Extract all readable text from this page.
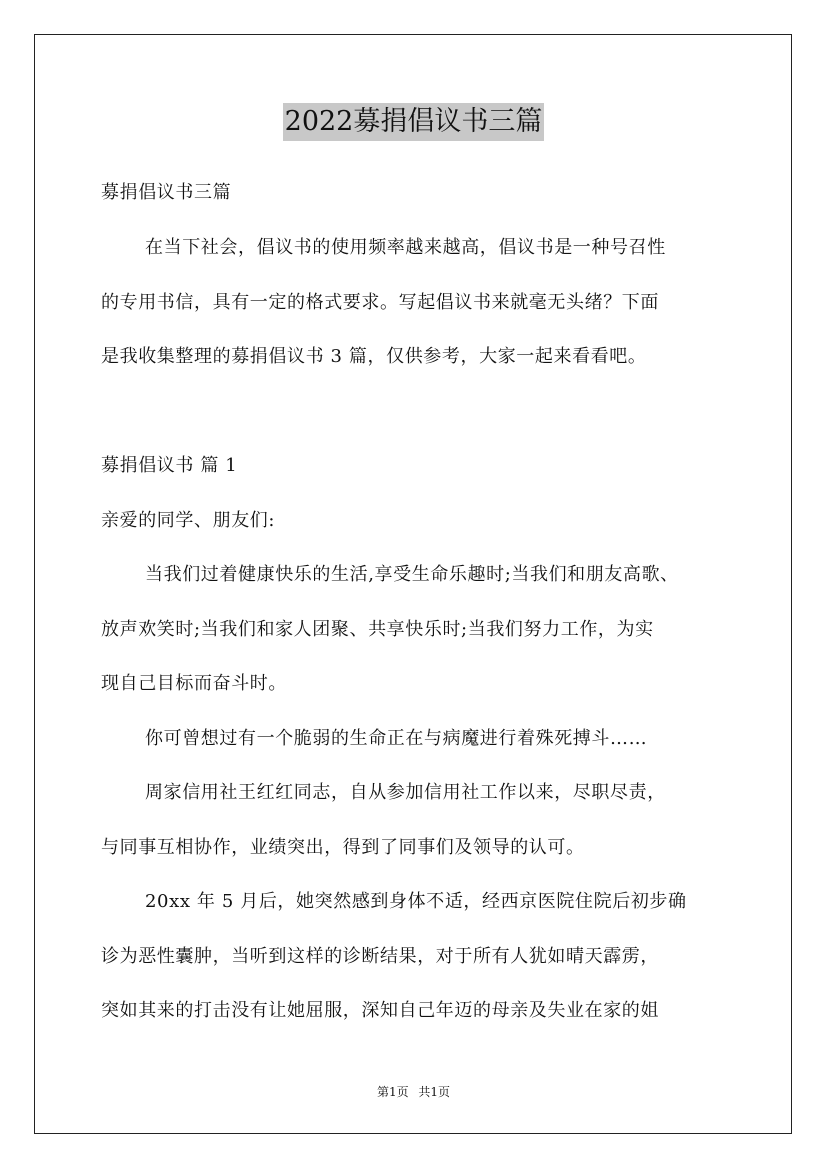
2022募捐倡议书三篇
募捐倡议书三篇
在当下社会，倡议书的使用频率越来越高，倡议书是一种号召性
的专用书信，具有一定的格式要求。写起倡议书来就毫无头绪？下面
是我收集整理的募捐倡议书 3 篇，仅供参考，大家一起来看看吧。
募捐倡议书 篇 1
亲爱的同学、朋友们:
当我们过着健康快乐的生活,享受生命乐趣时;当我们和朋友高歌、
放声欢笑时;当我们和家人团聚、共享快乐时;当我们努力工作，为实
现自己目标而奋斗时。
你可曾想过有一个脆弱的生命正在与病魔进行着殊死搏斗……
周家信用社王红红同志，自从参加信用社工作以来，尽职尽责，
与同事互相协作，业绩突出，得到了同事们及领导的认可。
20xx 年 5 月后，她突然感到身体不适，经西京医院住院后初步确
诊为恶性囊肿，当听到这样的诊断结果，对于所有人犹如晴天霹雳，
突如其来的打击没有让她屈服，深知自己年迈的母亲及失业在家的姐
第1页 共1页
